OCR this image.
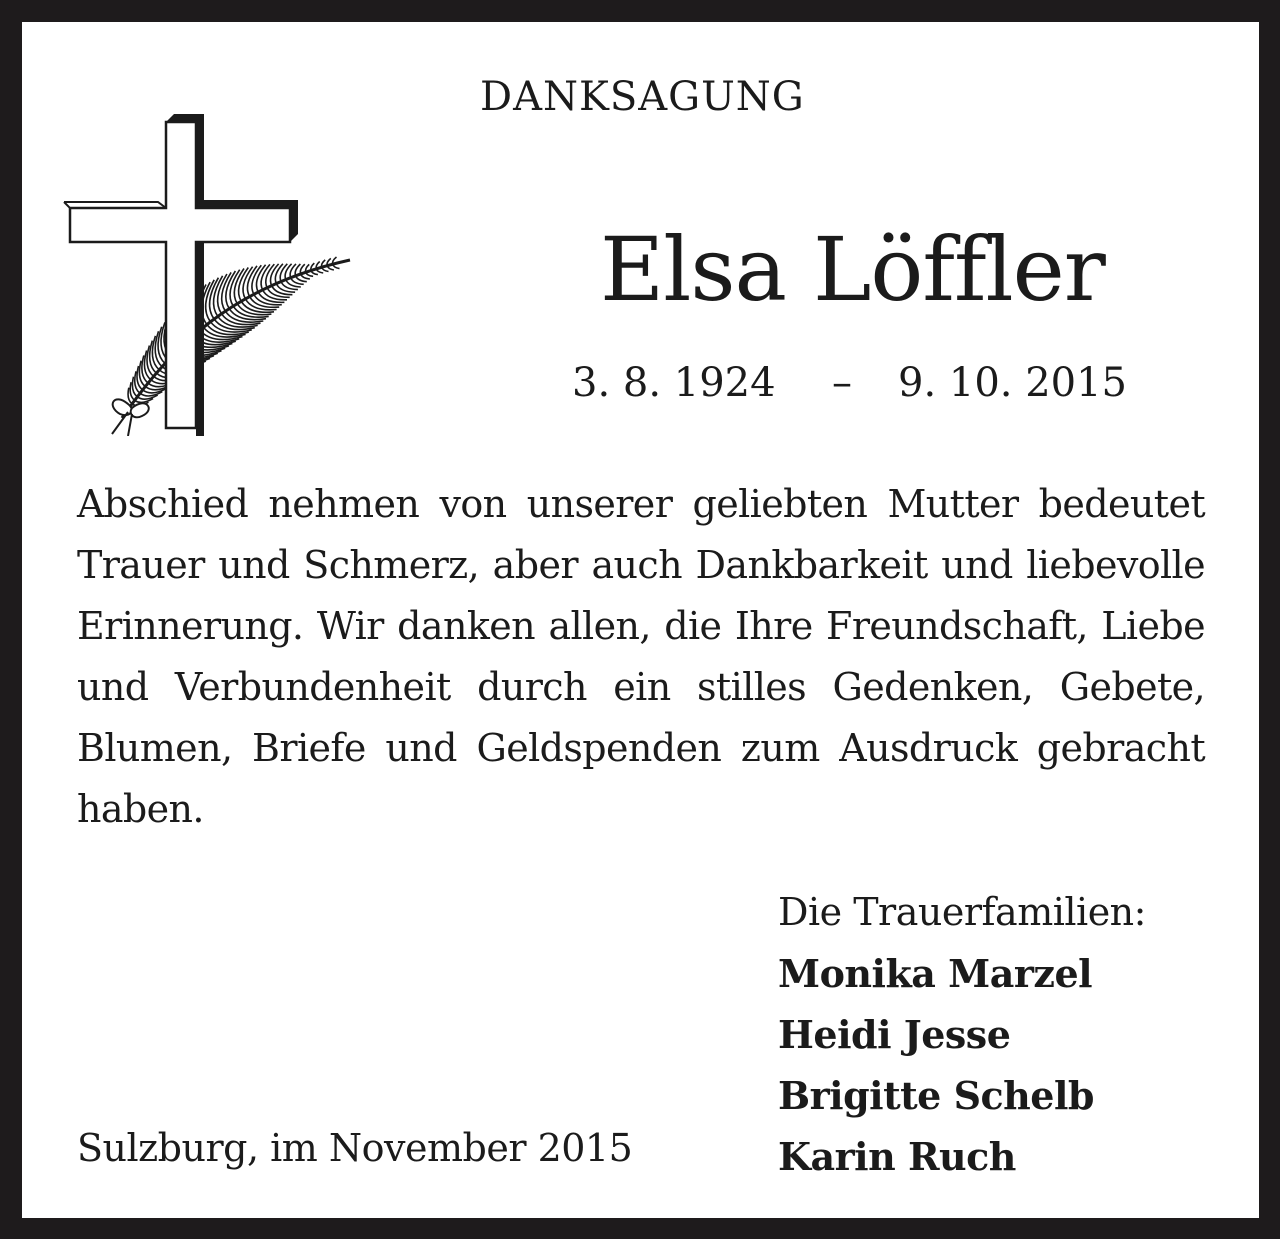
DANKSAGUNG
Elsa Löffler
3. 8. 1924 – 9. 10. 2015
Abschied nehmen von unserer geliebten Mutter bedeutet Trauer und Schmerz, aber auch Dankbarkeit und liebevolle Erinnerung. Wir danken allen, die Ihre Freundschaft, Liebe und Verbundenheit durch ein stilles Gedenken, Gebete, Blumen, Briefe und Geldspenden zum Ausdruck gebracht haben.
Die Trauerfamilien:
Monika Marzel
Heidi Jesse
Brigitte Schelb
Karin Ruch
Sulzburg, im November 2015
